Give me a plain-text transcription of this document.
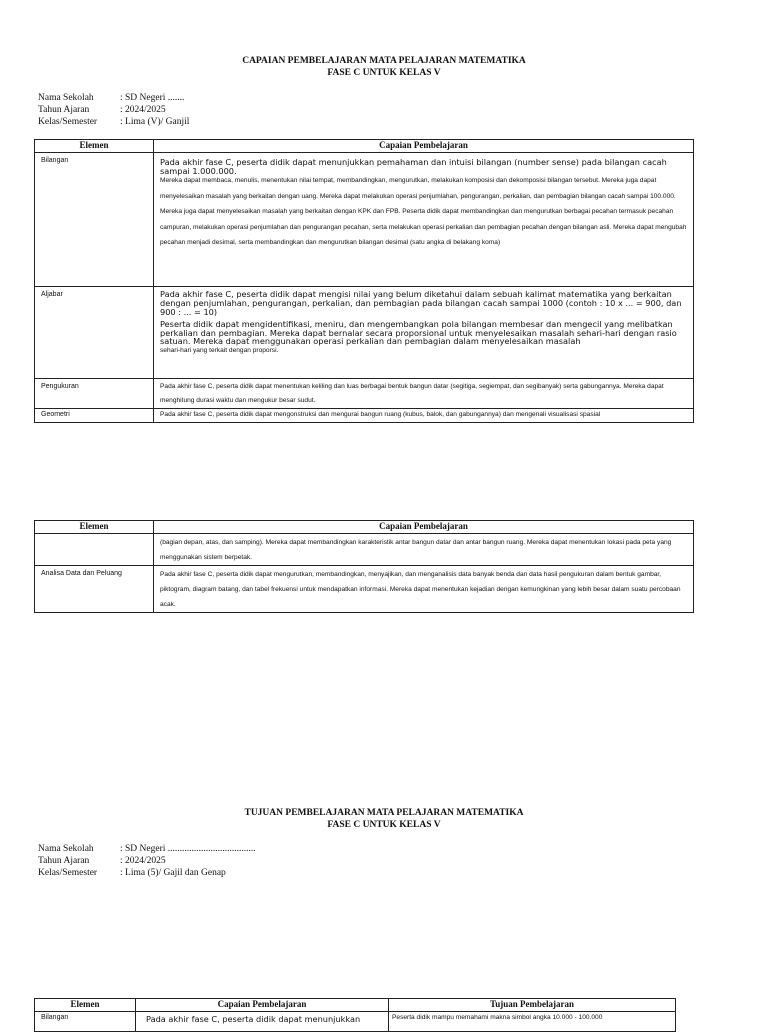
CAPAIAN PEMBELAJARAN MATA PELAJARAN MATEMATIKA
FASE C UNTUK KELAS V
Nama Sekolah	: SD Negeri .......
Tahun Ajaran	: 2024/2025
Kelas/Semester	: Lima (V)/ Ganjil
Elemen	Capaian Pembelajaran
Bilangan	Pada akhir fase C, peserta didik dapat menunjukkan pemahaman dan intuisi bilangan (number sense) pada bilangan cacah sampai 1.000.000.
Mereka dapat membaca, menulis, menentukan nilai tempat, membandingkan, mengurutkan, melakukan komposisi dan dekomposisi bilangan tersebut. Mereka juga dapat menyelesaikan masalah yang berkaitan dengan uang. Mereka dapat melakukan operasi penjumlahan, pengurangan, perkalian, dan pembagian bilangan cacah sampai 100.000. Mereka juga dapat menyelesaikan masalah yang berkaitan dengan KPK dan FPB. Peserta didik dapat membandingkan dan mengurutkan berbagai pecahan termasuk pecahan campuran, melakukan operasi penjumlahan dan pengurangan pecahan, serta melakukan operasi perkalian dan pembagian pecahan dengan bilangan asli. Mereka dapat mengubah pecahan menjadi desimal, serta membandingkan dan mengurutkan bilangan desimal (satu angka di belakang koma)

Aljabar	Pada akhir fase C, peserta didik dapat mengisi nilai yang belum diketahui dalam sebuah kalimat matematika yang berkaitan dengan penjumlahan, pengurangan, perkalian, dan pembagian pada bilangan cacah sampai 1000 (contoh : 10 x ... = 900, dan 900 : ... = 10)
Peserta didik dapat mengidentifikasi, meniru, dan mengembangkan pola bilangan membesar dan mengecil yang melibatkan perkalian dan pembagian. Mereka dapat bernalar secara proporsional untuk menyelesaikan masalah sehari-hari dengan rasio satuan. Mereka dapat menggunakan operasi perkalian dan pembagian dalam menyelesaikan masalah
sehari-hari yang terkait dengan proporsi.

Pengukuran	Pada akhir fase C, peserta didik dapat menentukan keliling dan luas berbagai bentuk bangun datar (segitiga, segiempat, dan segibanyak) serta gabungannya. Mereka dapat menghitung durasi waktu dan mengukur besar sudut.

Geometri	Pada akhir fase C, peserta didik dapat mengonstruksi dan mengurai bangun ruang (kubus, balok, dan gabungannya) dan mengenali visualisasi spasial
Elemen	Capaian Pembelajaran

	(bagian depan, atas, dan samping). Mereka dapat membandingkan karakteristik antar bangun datar dan antar bangun ruang. Mereka dapat menentukan lokasi pada peta yang menggunakan sistem berpetak.

Analisa Data dan Peluang	Pada akhir fase C, peserta didik dapat mengurutkan, membandingkan, menyajikan, dan menganalisis data banyak benda dan data hasil pengukuran dalam bentuk gambar, piktogram, diagram batang, dan tabel frekuensi untuk mendapatkan informasi. Mereka dapat menentukan kejadian dengan kemungkinan yang lebih besar dalam suatu percobaan acak.
TUJUAN PEMBELAJARAN MATA PELAJARAN MATEMATIKA
FASE C UNTUK KELAS V
Nama Sekolah	: SD Negeri .....................................
Tahun Ajaran	: 2024/2025
Kelas/Semester	: Lima (5)/ Gajil dan Genap
Elemen	Capaian Pembelajaran	Tujuan Pembelajaran
Bilangan	Pada akhir fase C, peserta didik dapat menunjukkan	Peserta didik mampu memahami makna simbol angka 10.000 - 100.000
